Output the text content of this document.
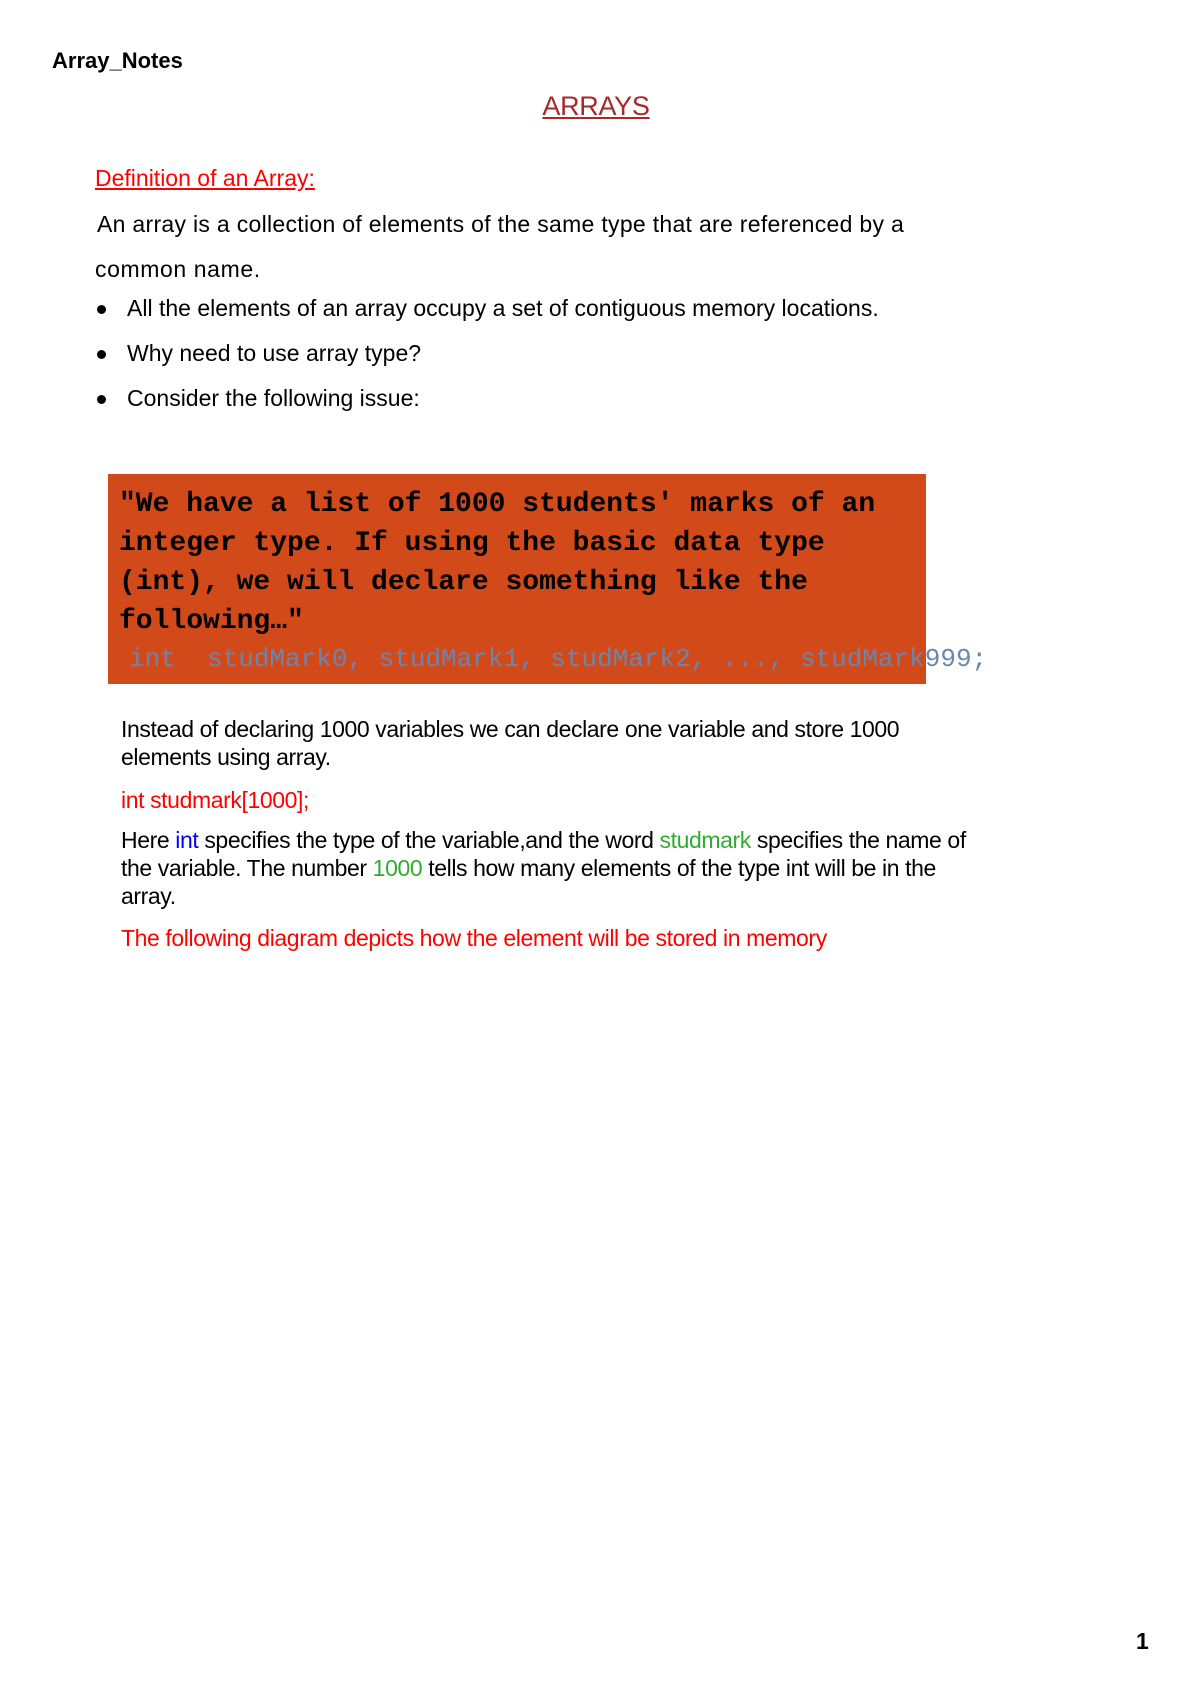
Array_Notes
ARRAYS
Definition of an Array:
An array is a collection of elements of the same type that are referenced by a
common name.
All the elements of an array occupy a set of contiguous memory locations.
Why need to use array type?
Consider the following issue:
"We have a list of 1000 students' marks of an integer type. If using the basic data type (int), we will declare something like the following…"
int  studMark0, studMark1, studMark2, ..., studMark999;
Instead of declaring 1000 variables we can declare one variable and store 1000 elements using array.
int studmark[1000];
Here int specifies the type of the variable,and the word studmark specifies the name of the variable. The number 1000 tells how many elements of the type int will be in the array.
The following diagram depicts how the element will be stored in memory
1
